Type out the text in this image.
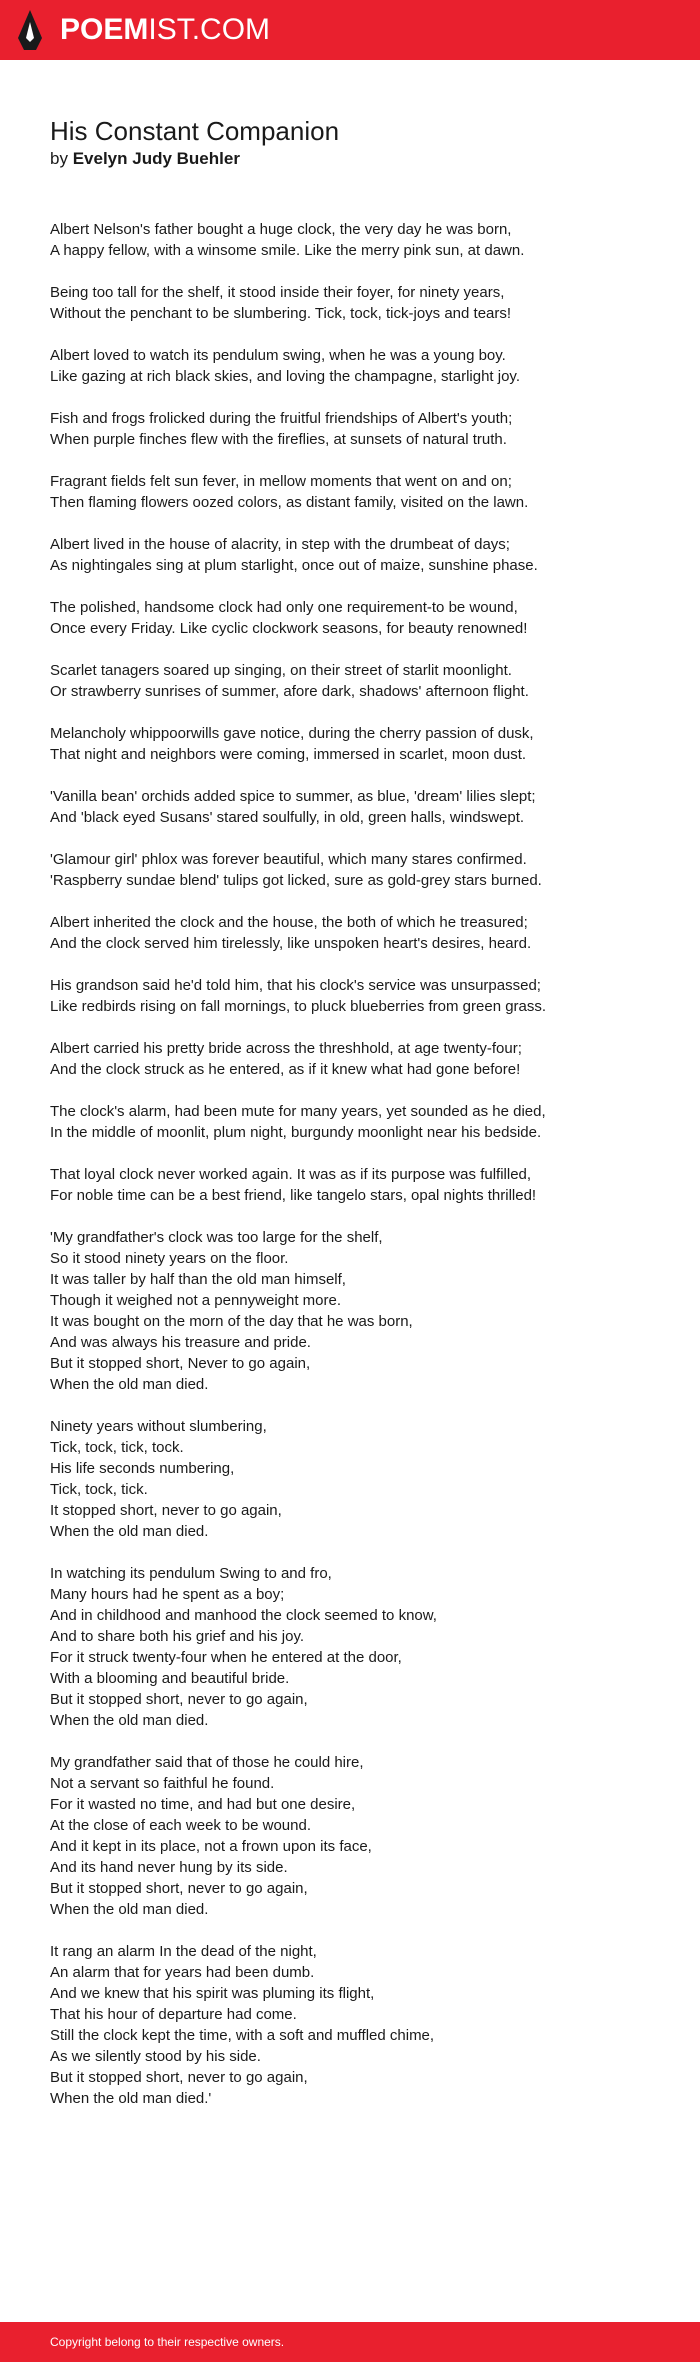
POEMIST.COM
His Constant Companion
by Evelyn Judy Buehler
Albert Nelson's father bought a huge clock, the very day he was born,
A happy fellow, with a winsome smile. Like the merry pink sun, at dawn.
Being too tall for the shelf, it stood inside their foyer, for ninety years,
Without the penchant to be slumbering. Tick, tock, tick-joys and tears!
Albert loved to watch its pendulum swing, when he was a young boy.
Like gazing at rich black skies, and loving the champagne, starlight joy.
Fish and frogs frolicked during the fruitful friendships of Albert's youth;
When purple finches flew with the fireflies, at sunsets of natural truth.
Fragrant fields felt sun fever, in mellow moments that went on and on;
Then flaming flowers oozed colors, as distant family, visited on the lawn.
Albert lived in the house of alacrity, in step with the drumbeat of days;
As nightingales sing at plum starlight, once out of maize, sunshine phase.
The polished, handsome clock had only one requirement-to be wound,
Once every Friday. Like cyclic clockwork seasons, for beauty renowned!
Scarlet tanagers soared up singing, on their street of starlit moonlight.
Or strawberry sunrises of summer, afore dark, shadows' afternoon flight.
Melancholy whippoorwills gave notice, during the cherry passion of dusk,
That night and neighbors were coming, immersed in scarlet, moon dust.
'Vanilla bean' orchids added spice to summer, as blue, 'dream' lilies slept;
And 'black eyed Susans' stared soulfully, in old, green halls, windswept.
'Glamour girl' phlox was forever beautiful, which many stares confirmed.
'Raspberry sundae blend' tulips got licked, sure as gold-grey stars burned.
Albert inherited the clock and the house, the both of which he treasured;
And the clock served him tirelessly, like unspoken heart's desires, heard.
His grandson said he'd told him, that his clock's service was unsurpassed;
Like redbirds rising on fall mornings, to pluck blueberries from green grass.
Albert carried his pretty bride across the threshhold, at age twenty-four;
And the clock struck as he entered, as if it knew what had gone before!
The clock's alarm, had been mute for many years, yet sounded as he died,
In the middle of moonlit, plum night, burgundy moonlight near his bedside.
That loyal clock never worked again. It was as if its purpose was fulfilled,
For noble time can be a best friend, like tangelo stars, opal nights thrilled!
'My grandfather's clock was too large for the shelf,
So it stood ninety years on the floor.
It was taller by half than the old man himself,
Though it weighed not a pennyweight more.
It was bought on the morn of the day that he was born,
And was always his treasure and pride.
But it stopped short, Never to go again,
When the old man died.
Ninety years without slumbering,
Tick, tock, tick, tock.
His life seconds numbering,
Tick, tock, tick.
It stopped short, never to go again,
When the old man died.
In watching its pendulum Swing to and fro,
Many hours had he spent as a boy;
And in childhood and manhood the clock seemed to know,
And to share both his grief and his joy.
For it struck twenty-four when he entered at the door,
With a blooming and beautiful bride.
But it stopped short, never to go again,
When the old man died.
My grandfather said that of those he could hire,
Not a servant so faithful he found.
For it wasted no time, and had but one desire,
At the close of each week to be wound.
And it kept in its place, not a frown upon its face,
And its hand never hung by its side.
But it stopped short, never to go again,
When the old man died.
It rang an alarm In the dead of the night,
An alarm that for years had been dumb.
And we knew that his spirit was pluming its flight,
That his hour of departure had come.
Still the clock kept the time, with a soft and muffled chime,
As we silently stood by his side.
But it stopped short, never to go again,
When the old man died.'
Copyright belong to their respective owners.
